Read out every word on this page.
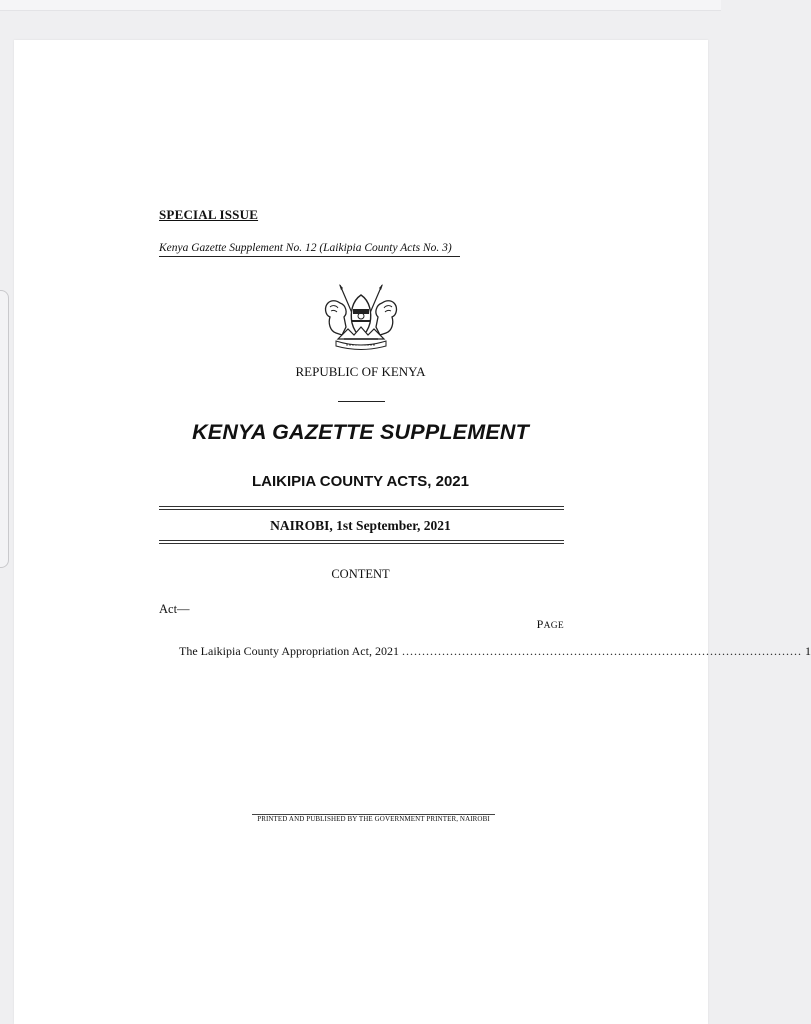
SPECIAL ISSUE
Kenya Gazette Supplement No. 12 (Laikipia County Acts No. 3)
REPUBLIC OF KENYA
KENYA GAZETTE SUPPLEMENT
LAIKIPIA COUNTY ACTS, 2021
NAIROBI, 1st September, 2021
CONTENT
Act—
PAGE
The Laikipia County Appropriation Act, 2021 .................................................................................................... 1
PRINTED AND PUBLISHED BY THE GOVERNMENT PRINTER, NAIROBI
